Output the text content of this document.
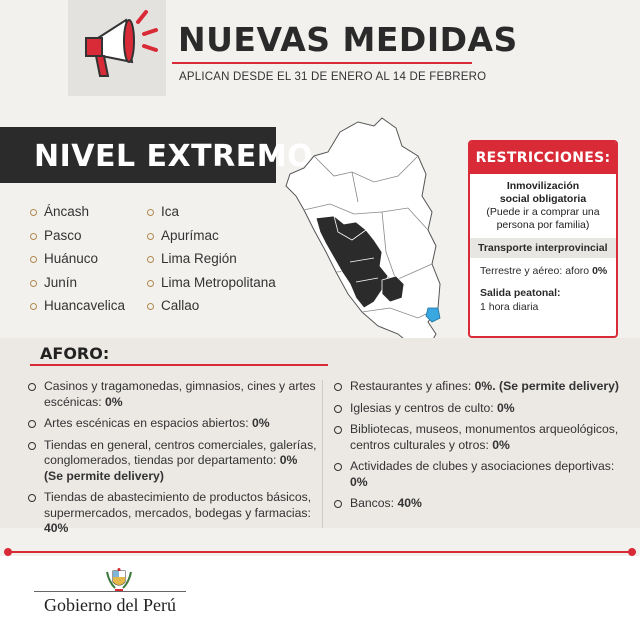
NUEVAS MEDIDAS
APLICAN DESDE EL 31 DE ENERO AL 14 DE FEBRERO
NIVEL EXTREMO
Áncash
Pasco
Huánuco
Junín
Huancavelica
Ica
Apurímac
Lima Región
Lima Metropolitana
Callao
RESTRICCIONES:
Inmovilización social obligatoria
(Puede ir a comprar una persona por familia)
Transporte interprovincial
Terrestre y aéreo: aforo 0%
Salida peatonal:
1 hora diaria
AFORO:
Casinos y tragamonedas, gimnasios, cines y artes escénicas: 0%
Artes escénicas en espacios abiertos: 0%
Tiendas en general, centros comerciales, galerías, conglomerados, tiendas por departamento: 0%
(Se permite delivery)
Tiendas de abastecimiento de productos básicos, supermercados, mercados, bodegas y farmacias: 40%
Restaurantes y afines: 0%. (Se permite delivery)
Iglesias y centros de culto: 0%
Bibliotecas, museos, monumentos arqueológicos, centros culturales y otros: 0%
Actividades de clubes y asociaciones deportivas: 0%
Bancos: 40%
Gobierno del Perú
